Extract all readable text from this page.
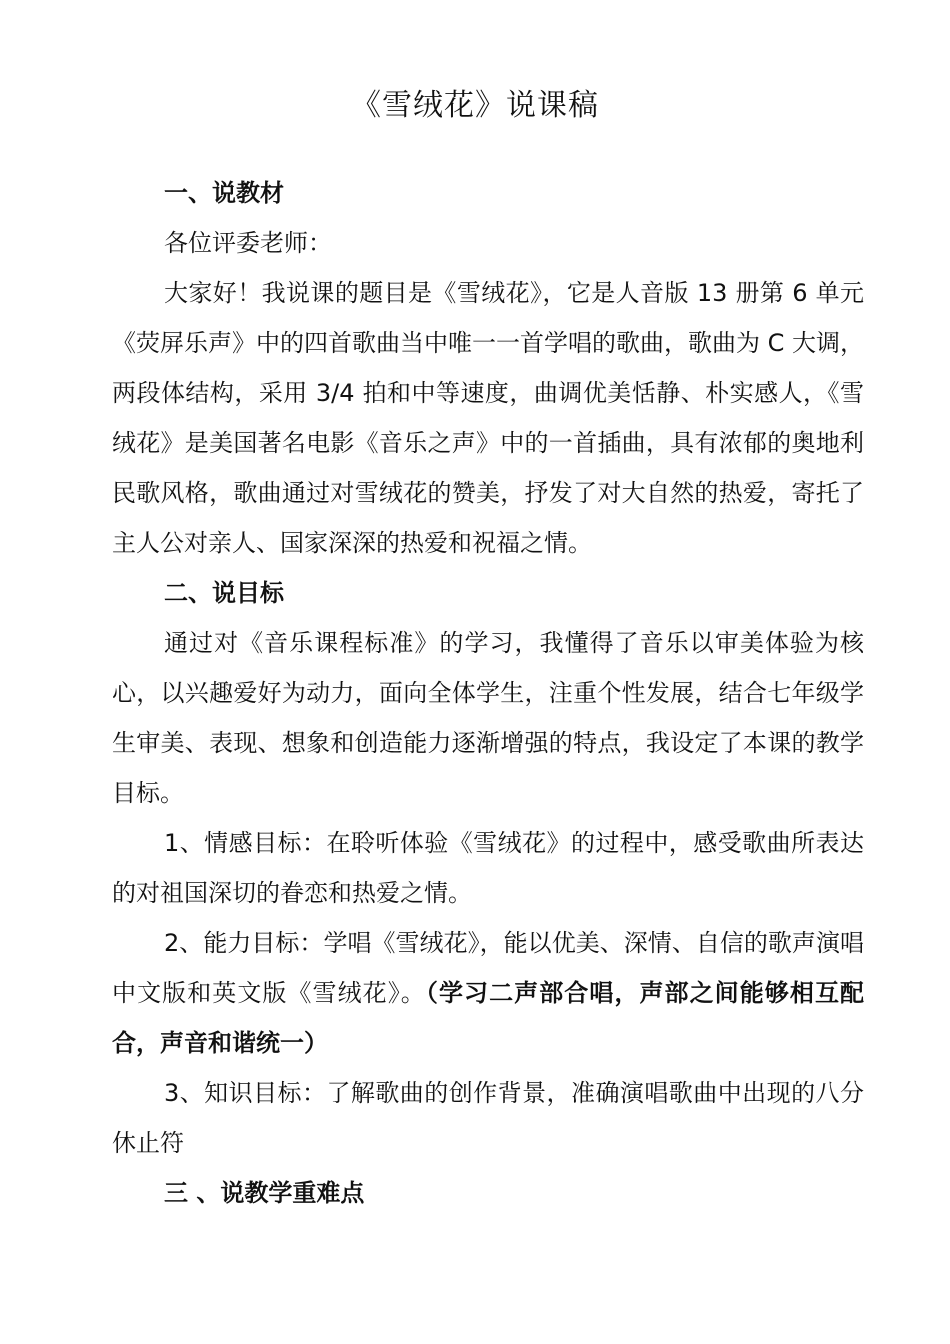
《雪绒花》说课稿

一、说教材

各位评委老师：

大家好！我说课的题目是《雪绒花》，它是人音版 13 册第 6 单元《荧屏乐声》中的四首歌曲当中唯一一首学唱的歌曲，歌曲为 C 大调，两段体结构，采用 3/4 拍和中等速度，曲调优美恬静、朴实感人，《雪绒花》是美国著名电影《音乐之声》中的一首插曲，具有浓郁的奥地利民歌风格，歌曲通过对雪绒花的赞美，抒发了对大自然的热爱，寄托了主人公对亲人、国家深深的热爱和祝福之情。

二、说目标

通过对《音乐课程标准》的学习，我懂得了音乐以审美体验为核心，以兴趣爱好为动力，面向全体学生，注重个性发展，结合七年级学生审美、表现、想象和创造能力逐渐增强的特点，我设定了本课的教学目标。

1、情感目标：在聆听体验《雪绒花》的过程中，感受歌曲所表达的对祖国深切的眷恋和热爱之情。

2、能力目标：学唱《雪绒花》，能以优美、深情、自信的歌声演唱中文版和英文版《雪绒花》。（学习二声部合唱，声部之间能够相互配合，声音和谐统一）

3、知识目标：了解歌曲的创作背景，准确演唱歌曲中出现的八分休止符

三 、说教学重难点
